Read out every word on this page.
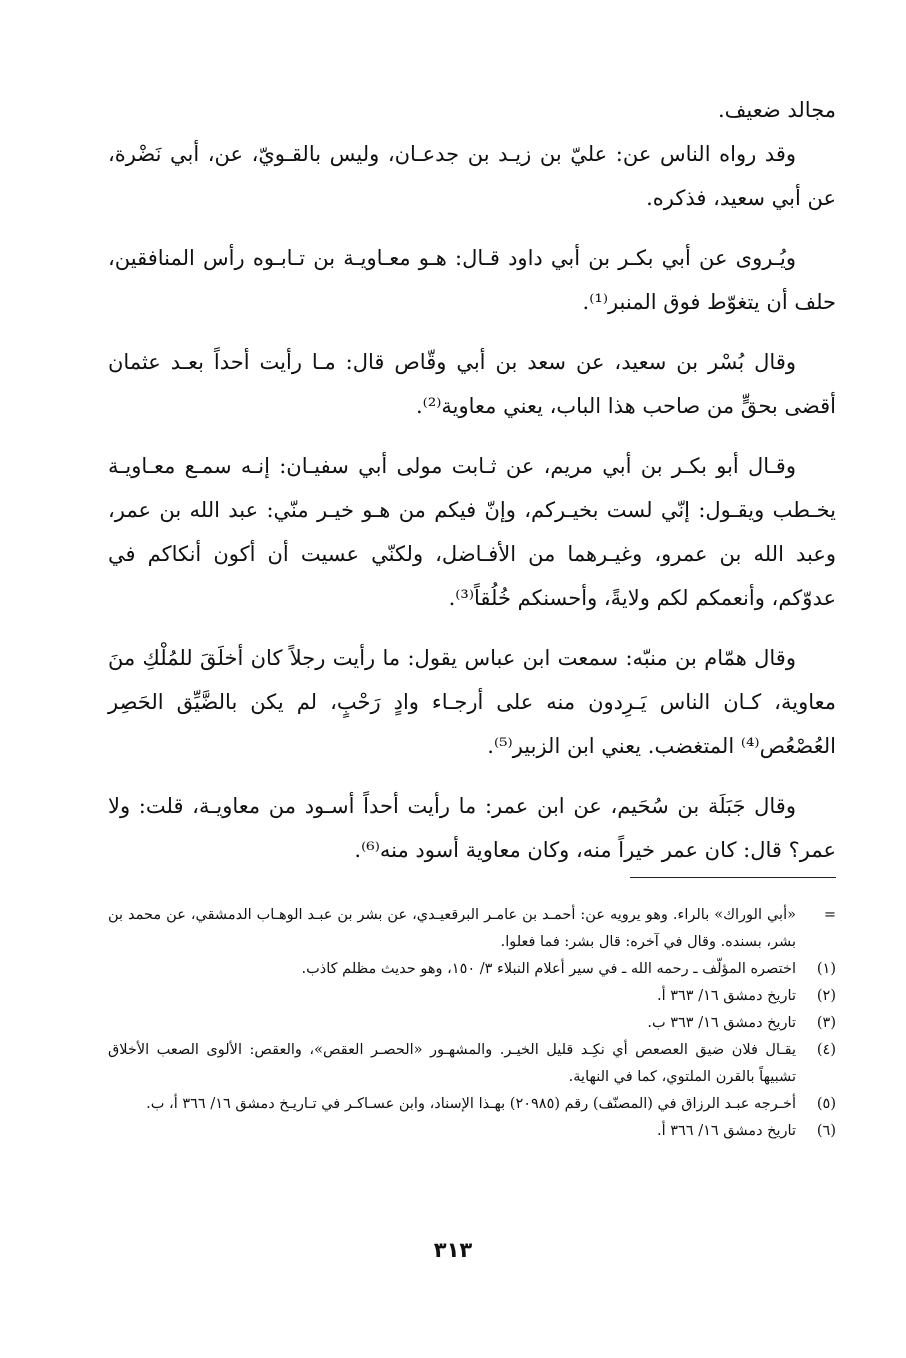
مجالد ضعيف.

وقد رواه الناس عن: عليّ بن زيـد بن جدعـان، وليس بالقـويّ، عن، أبي نَضْرة، عن أبي سعيد، فذكره.

ويُـروى عن أبي بكـر بن أبي داود قـال: هـو معـاويـة بن تـابـوه رأس المنافقين، حلف أن يتغوّط فوق المنبر⁽¹⁾.

وقال بُسْر بن سعيد، عن سعد بن أبي وقّاص قال: مـا رأيت أحداً بعـد عثمان أقضى بحقٍّ من صاحب هذا الباب، يعني معاوية⁽²⁾.

وقـال أبو بكـر بن أبي مريم، عن ثـابت مولى أبي سفيـان: إنـه سمـع معـاويـة يخـطب ويقـول: إنّي لست بخيـركم، وإنّ فيكم من هـو خيـر منّي: عبد الله بن عمر، وعبد الله بن عمرو، وغيـرهما من الأفـاضل، ولكنّي عسيت أن أكون أنكاكم في عدوّكم، وأنعمكم لكم ولايةً، وأحسنكم خُلُقاً⁽³⁾.

وقال همّام بن منبّه: سمعت ابن عباس يقول: ما رأيت رجلاً كان أخلَقَ للمُلْكِ منَ معاوية، كـان الناس يَـرِدون منه على أرجـاء وادٍ رَحْبٍ، لم يكن بالضَّيِّق الحَصِر العُصْعُص⁽⁴⁾ المتغضب. يعني ابن الزبير⁽⁵⁾.

وقال جَبَلَة بن سُحَيم، عن ابن عمر: ما رأيت أحداً أسـود من معاويـة، قلت: ولا عمر؟ قال: كان عمر خيراً منه، وكان معاوية أسود منه⁽⁶⁾.

=
«أبي الوراك» بالراء. وهو يرويه عن: أحمـد بن عامـر البرقعيـدي، عن بشر بن عبـد الوهـاب الدمشقي، عن محمد بن بشر، بسنده. وقال في آخره: قال بشر: فما فعلوا.
(١)
اختصره المؤلّف ـ رحمه الله ـ في سير أعلام النبلاء ٣/ ١٥٠، وهو حديث مظلم كاذب.
(٢)
تاريخ دمشق ١٦/ ٣٦٣ أ.
(٣)
تاريخ دمشق ١٦/ ٣٦٣ ب.
(٤)
يقـال فلان ضيق العصعص أي نكِـد قليل الخيـر. والمشهـور «الحصـر العقص»، والعقص: الألوى الصعب الأخلاق تشبيهاً بالقرن الملتوي، كما في النهاية.
(٥)
أخـرجه عبـد الرزاق في (المصنّف) رقم (٢٠٩٨٥) بهـذا الإسناد، وابن عسـاكـر في تـاريـخ دمشق ١٦/ ٣٦٦ أ، ب.
(٦)
تاريخ دمشق ١٦/ ٣٦٦ أ.
٣١٣
